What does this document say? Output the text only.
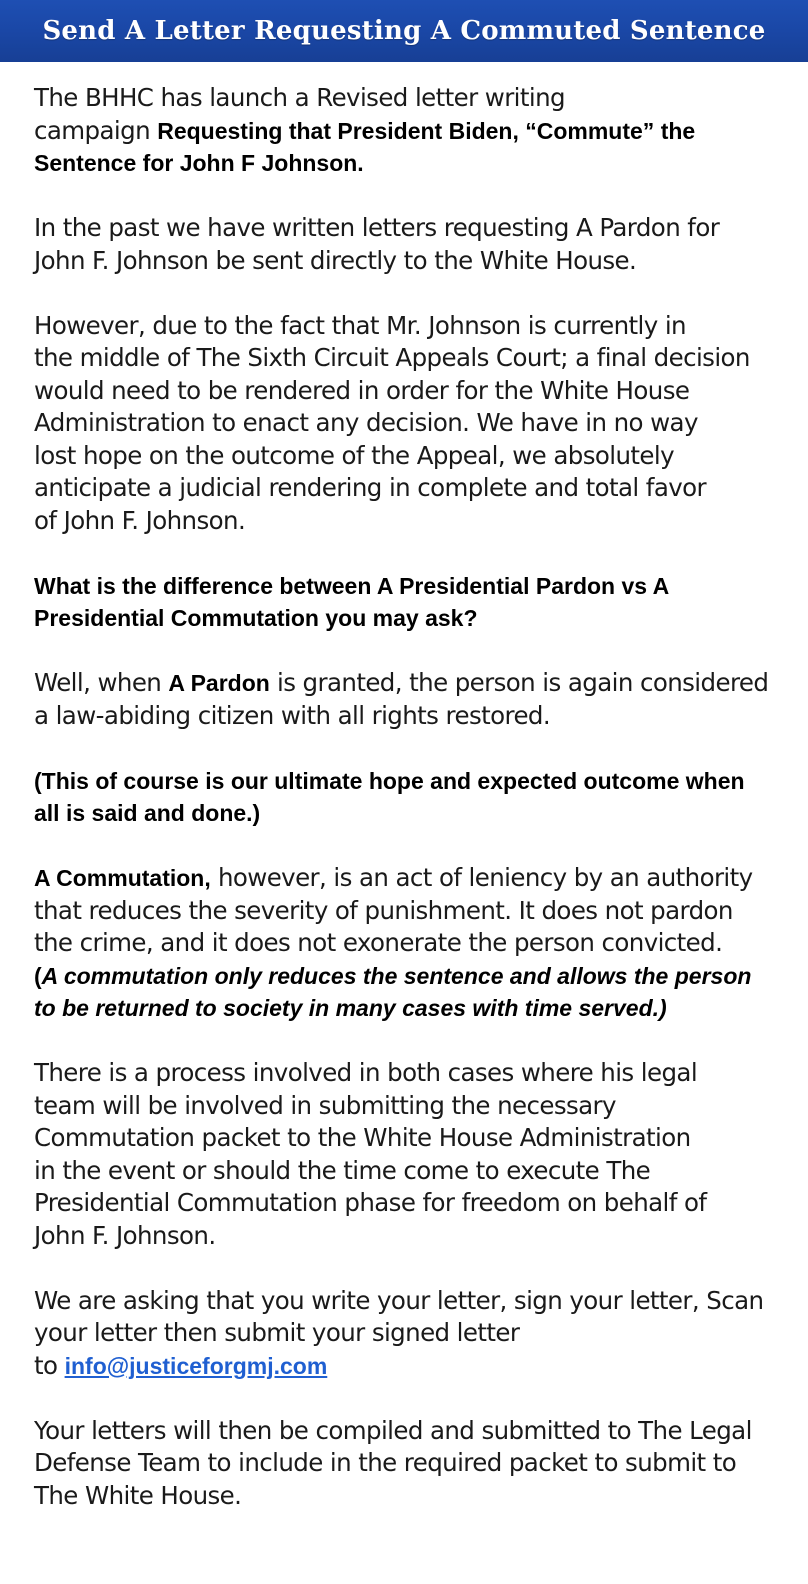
Send A Letter Requesting A Commuted Sentence

The BHHC has launch a Revised letter writing
campaign Requesting that President Biden, “Commute” the
Sentence for John F Johnson.

In the past we have written letters requesting A Pardon for
John F. Johnson be sent directly to the White House.

However, due to the fact that Mr. Johnson is currently in
the middle of The Sixth Circuit Appeals Court; a final decision
would need to be rendered in order for the White House
Administration to enact any decision. We have in no way
lost hope on the outcome of the Appeal, we absolutely
anticipate a judicial rendering in complete and total favor
of John F. Johnson.

What is the difference between A Presidential Pardon vs A
Presidential Commutation you may ask?

Well, when A Pardon is granted, the person is again considered
a law-abiding citizen with all rights restored.

(This of course is our ultimate hope and expected outcome when
all is said and done.)

A Commutation, however, is an act of leniency by an authority
that reduces the severity of punishment. It does not pardon
the crime, and it does not exonerate the person convicted.
(A commutation only reduces the sentence and allows the person
to be returned to society in many cases with time served.)

There is a process involved in both cases where his legal
team will be involved in submitting the necessary
Commutation packet to the White House Administration
in the event or should the time come to execute The
Presidential Commutation phase for freedom on behalf of
John F. Johnson.

We are asking that you write your letter, sign your letter, Scan
your letter then submit your signed letter
to info@justiceforgmj.com

Your letters will then be compiled and submitted to The Legal
Defense Team to include in the required packet to submit to
The White House.
